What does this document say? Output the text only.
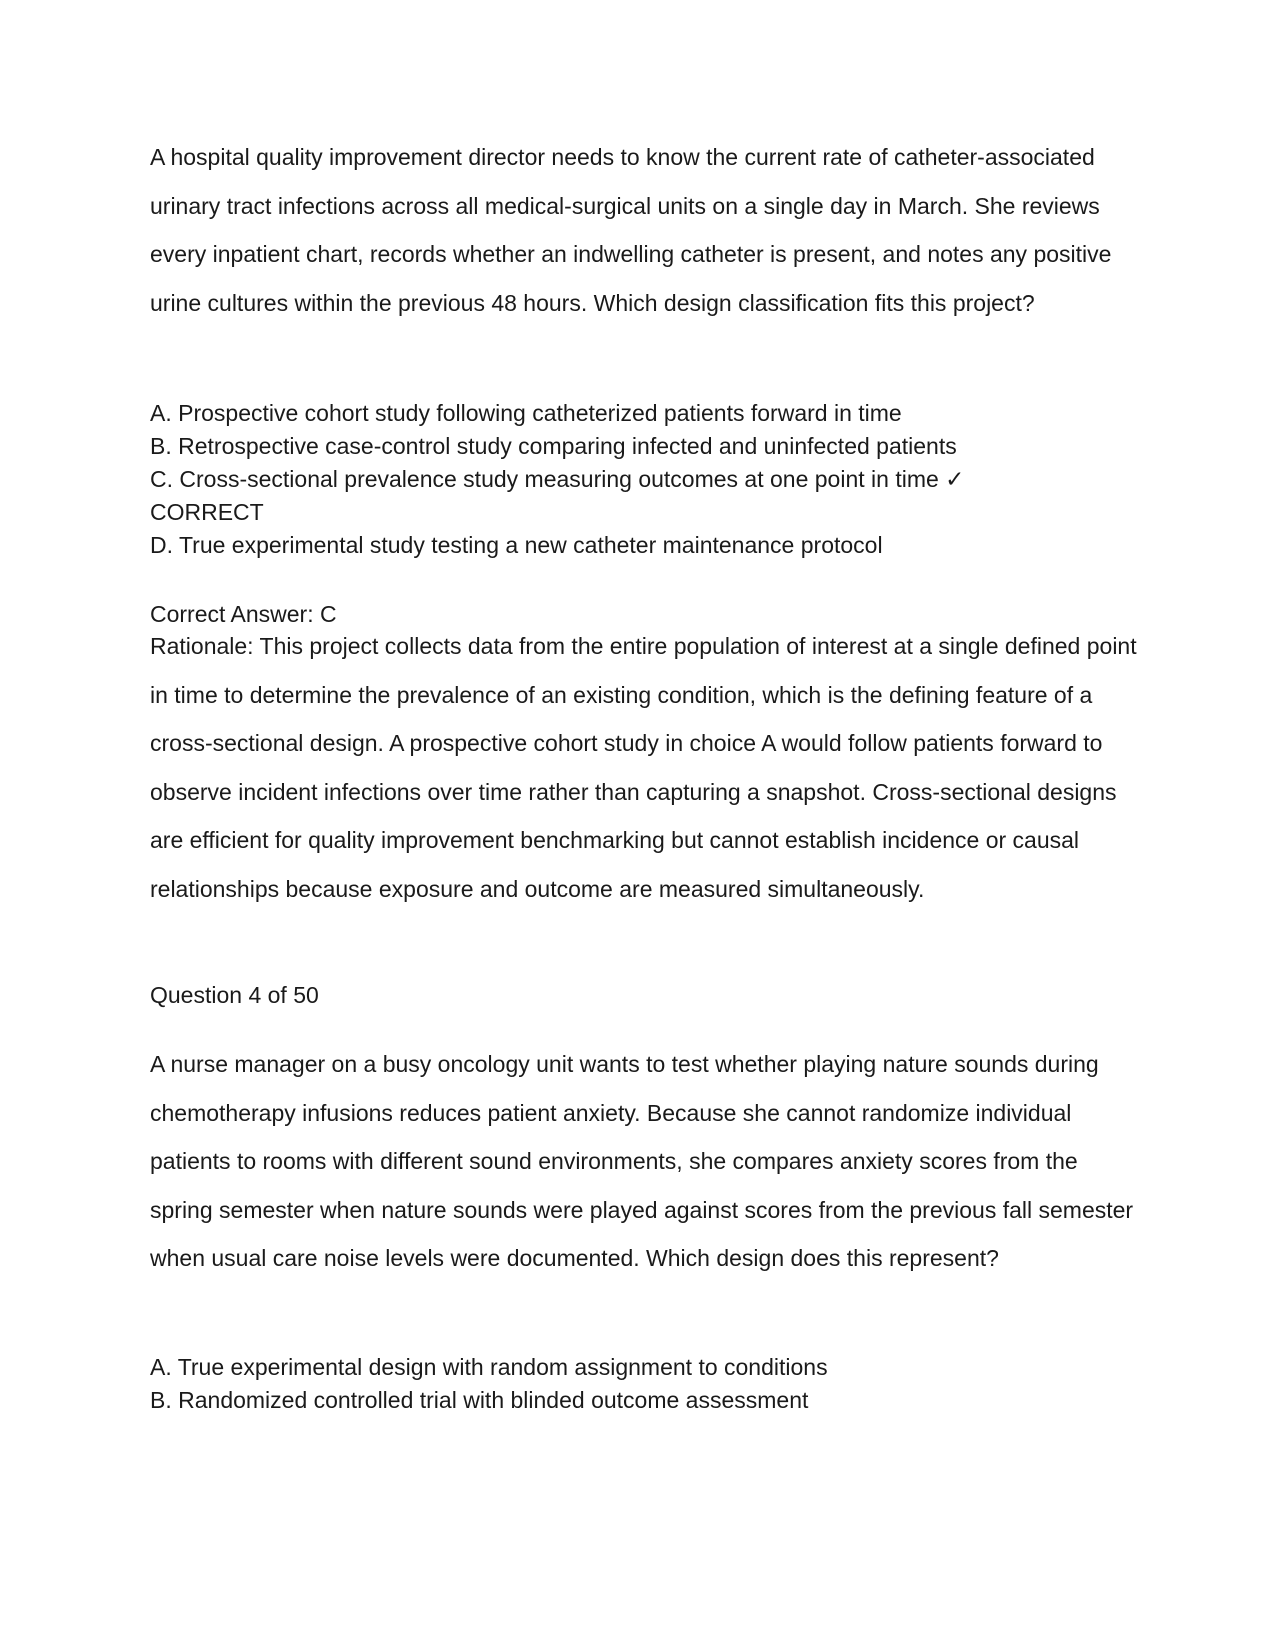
A hospital quality improvement director needs to know the current rate of catheter-associated urinary tract infections across all medical-surgical units on a single day in March. She reviews every inpatient chart, records whether an indwelling catheter is present, and notes any positive urine cultures within the previous 48 hours. Which design classification fits this project?

A. Prospective cohort study following catheterized patients forward in time
B. Retrospective case-control study comparing infected and uninfected patients
C. Cross-sectional prevalence study measuring outcomes at one point in time ✓
CORRECT
D. True experimental study testing a new catheter maintenance protocol
Correct Answer: C

Rationale: This project collects data from the entire population of interest at a single defined point in time to determine the prevalence of an existing condition, which is the defining feature of a cross-sectional design. A prospective cohort study in choice A would follow patients forward to observe incident infections over time rather than capturing a snapshot. Cross-sectional designs are efficient for quality improvement benchmarking but cannot establish incidence or causal relationships because exposure and outcome are measured simultaneously.

Question 4 of 50

A nurse manager on a busy oncology unit wants to test whether playing nature sounds during chemotherapy infusions reduces patient anxiety. Because she cannot randomize individual patients to rooms with different sound environments, she compares anxiety scores from the spring semester when nature sounds were played against scores from the previous fall semester when usual care noise levels were documented. Which design does this represent?

A. True experimental design with random assignment to conditions
B. Randomized controlled trial with blinded outcome assessment
